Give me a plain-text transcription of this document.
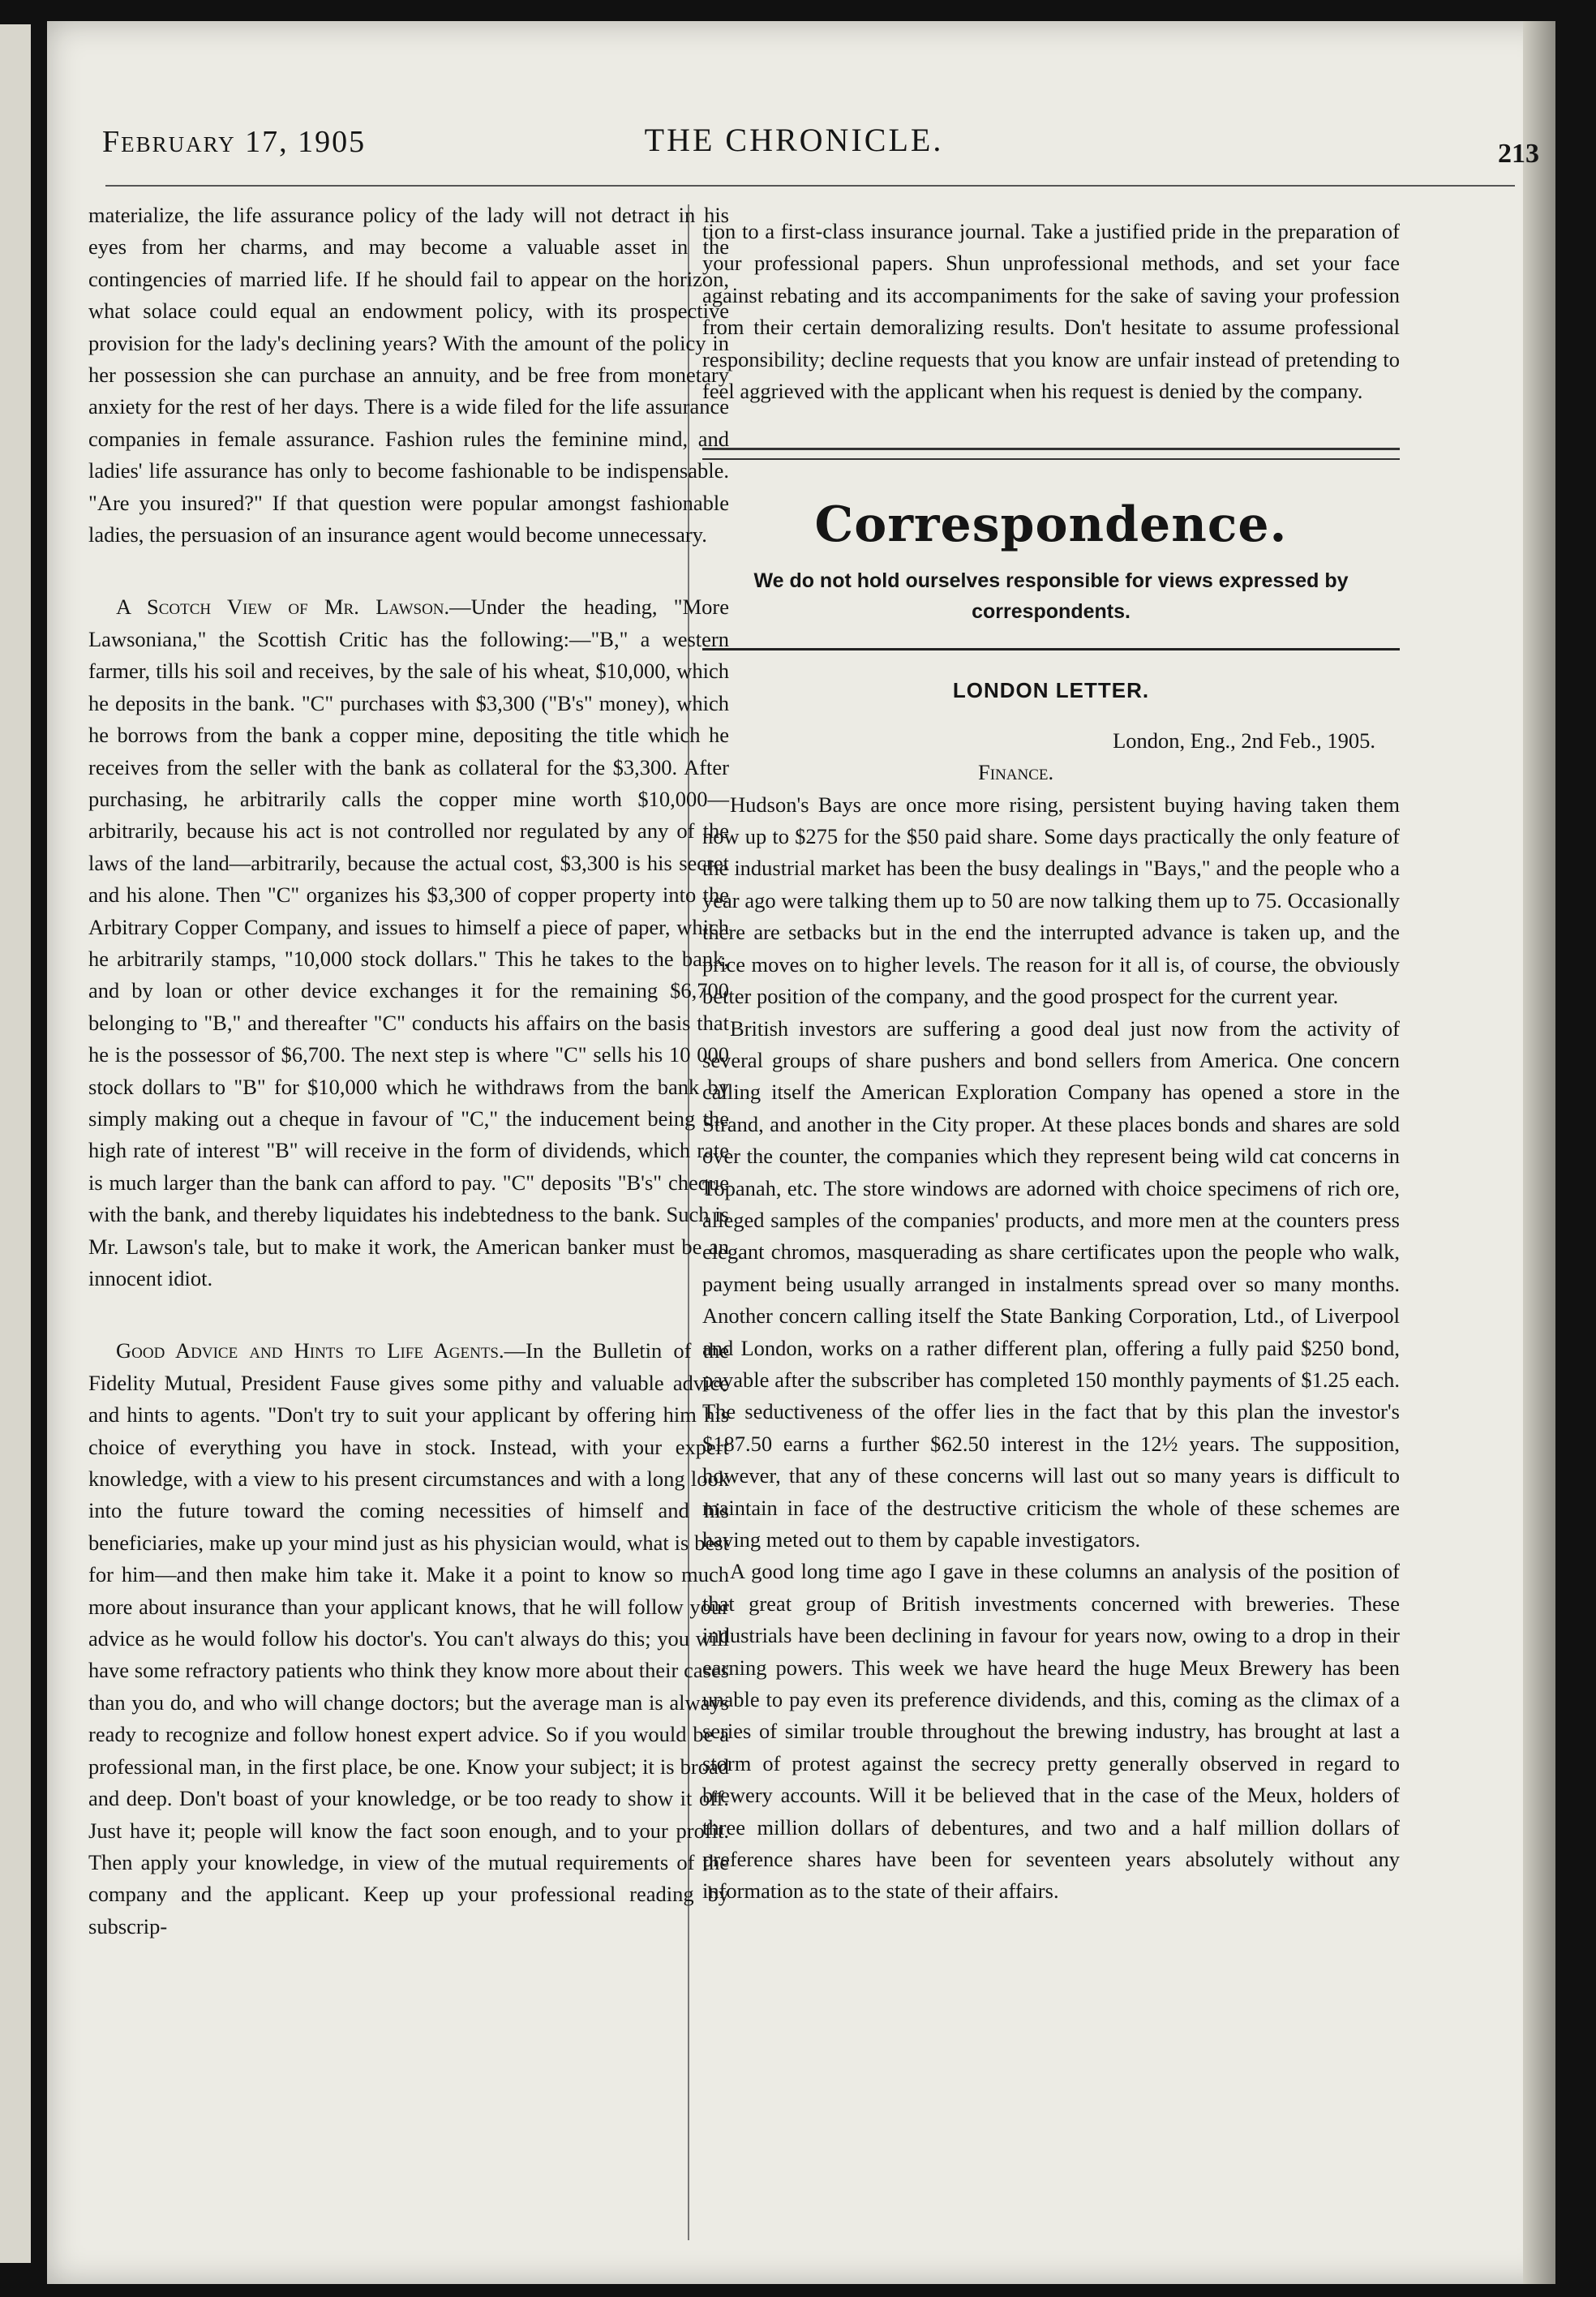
February 17, 1905	THE CHRONICLE.	213

materialize, the life assurance policy of the lady will not detract in his eyes from her charms, and may become a valuable asset in the contingencies of married life. If he should fail to appear on the horizon, what solace could equal an endowment policy, with its prospective provision for the lady's declining years? With the amount of the policy in her possession she can purchase an annuity, and be free from monetary anxiety for the rest of her days. There is a wide filed for the life assurance companies in female assurance. Fashion rules the feminine mind, and ladies' life assurance has only to become fashionable to be indispensable. "Are you insured?" If that question were popular amongst fashionable ladies, the persuasion of an insurance agent would become unnecessary.

A Scotch View of Mr. Lawson.—Under the heading, "More Lawsoniana," the Scottish Critic has the following:—"B," a western farmer, tills his soil and receives, by the sale of his wheat, $10,000, which he deposits in the bank. "C" purchases with $3,300 ("B's" money), which he borrows from the bank a copper mine, depositing the title which he receives from the seller with the bank as collateral for the $3,300. After purchasing, he arbitrarily calls the copper mine worth $10,000—arbitrarily, because his act is not controlled nor regulated by any of the laws of the land—arbitrarily, because the actual cost, $3,300 is his secret and his alone. Then "C" organizes his $3,300 of copper property into the Arbitrary Copper Company, and issues to himself a piece of paper, which he arbitrarily stamps, "10,000 stock dollars." This he takes to the bank, and by loan or other device exchanges it for the remaining $6,700 belonging to "B," and thereafter "C" conducts his affairs on the basis that he is the possessor of $6,700. The next step is where "C" sells his 10 000 stock dollars to "B" for $10,000 which he withdraws from the bank by simply making out a cheque in favour of "C," the inducement being the high rate of interest "B" will receive in the form of dividends, which rate is much larger than the bank can afford to pay. "C" deposits "B's" cheque with the bank, and thereby liquidates his indebtedness to the bank. Such is Mr. Lawson's tale, but to make it work, the American banker must be an innocent idiot.

Good Advice and Hints to Life Agents.—In the Bulletin of the Fidelity Mutual, President Fause gives some pithy and valuable advice and hints to agents. "Don't try to suit your applicant by offering him his choice of everything you have in stock. Instead, with your expert knowledge, with a view to his present circumstances and with a long look into the future toward the coming necessities of himself and his beneficiaries, make up your mind just as his physician would, what is best for him—and then make him take it. Make it a point to know so much more about insurance than your applicant knows, that he will follow your advice as he would follow his doctor's. You can't always do this; you will have some refractory patients who think they know more about their cases than you do, and who will change doctors; but the average man is always ready to recognize and follow honest expert advice. So if you would be a professional man, in the first place, be one. Know your subject; it is broad and deep. Don't boast of your knowledge, or be too ready to show it off. Just have it; people will know the fact soon enough, and to your profit. Then apply your knowledge, in view of the mutual requirements of the company and the applicant. Keep up your professional reading by subscrip-

tion to a first-class insurance journal. Take a justified pride in the preparation of your professional papers. Shun unprofessional methods, and set your face against rebating and its accompaniments for the sake of saving your profession from their certain demoralizing results. Don't hesitate to assume professional responsibility; decline requests that you know are unfair instead of pretending to feel aggrieved with the applicant when his request is denied by the company.

Correspondence.
We do not hold ourselves responsible for views expressed by correspondents.
LONDON LETTER.

London, Eng., 2nd Feb., 1905.

Finance.

Hudson's Bays are once more rising, persistent buying having taken them now up to $275 for the $50 paid share. Some days practically the only feature of the industrial market has been the busy dealings in "Bays," and the people who a year ago were talking them up to 50 are now talking them up to 75. Occasionally there are setbacks but in the end the interrupted advance is taken up, and the price moves on to higher levels. The reason for it all is, of course, the obviously better position of the company, and the good prospect for the current year.

British investors are suffering a good deal just now from the activity of several groups of share pushers and bond sellers from America. One concern calling itself the American Exploration Company has opened a store in the Strand, and another in the City proper. At these places bonds and shares are sold over the counter, the companies which they represent being wild cat concerns in Topanah, etc. The store windows are adorned with choice specimens of rich ore, alleged samples of the companies' products, and more men at the counters press elegant chromos, masquerading as share certificates upon the people who walk, payment being usually arranged in instalments spread over so many months. Another concern calling itself the State Banking Corporation, Ltd., of Liverpool and London, works on a rather different plan, offering a fully paid $250 bond, payable after the subscriber has completed 150 monthly payments of $1.25 each. The seductiveness of the offer lies in the fact that by this plan the investor's $187.50 earns a further $62.50 interest in the 12½ years. The supposition, however, that any of these concerns will last out so many years is difficult to maintain in face of the destructive criticism the whole of these schemes are having meted out to them by capable investigators.

A good long time ago I gave in these columns an analysis of the position of that great group of British investments concerned with breweries. These industrials have been declining in favour for years now, owing to a drop in their earning powers. This week we have heard the huge Meux Brewery has been unable to pay even its preference dividends, and this, coming as the climax of a series of similar trouble throughout the brewing industry, has brought at last a storm of protest against the secrecy pretty generally observed in regard to brewery accounts. Will it be believed that in the case of the Meux, holders of three million dollars of debentures, and two and a half million dollars of preference shares have been for seventeen years absolutely without any information as to the state of their affairs.
